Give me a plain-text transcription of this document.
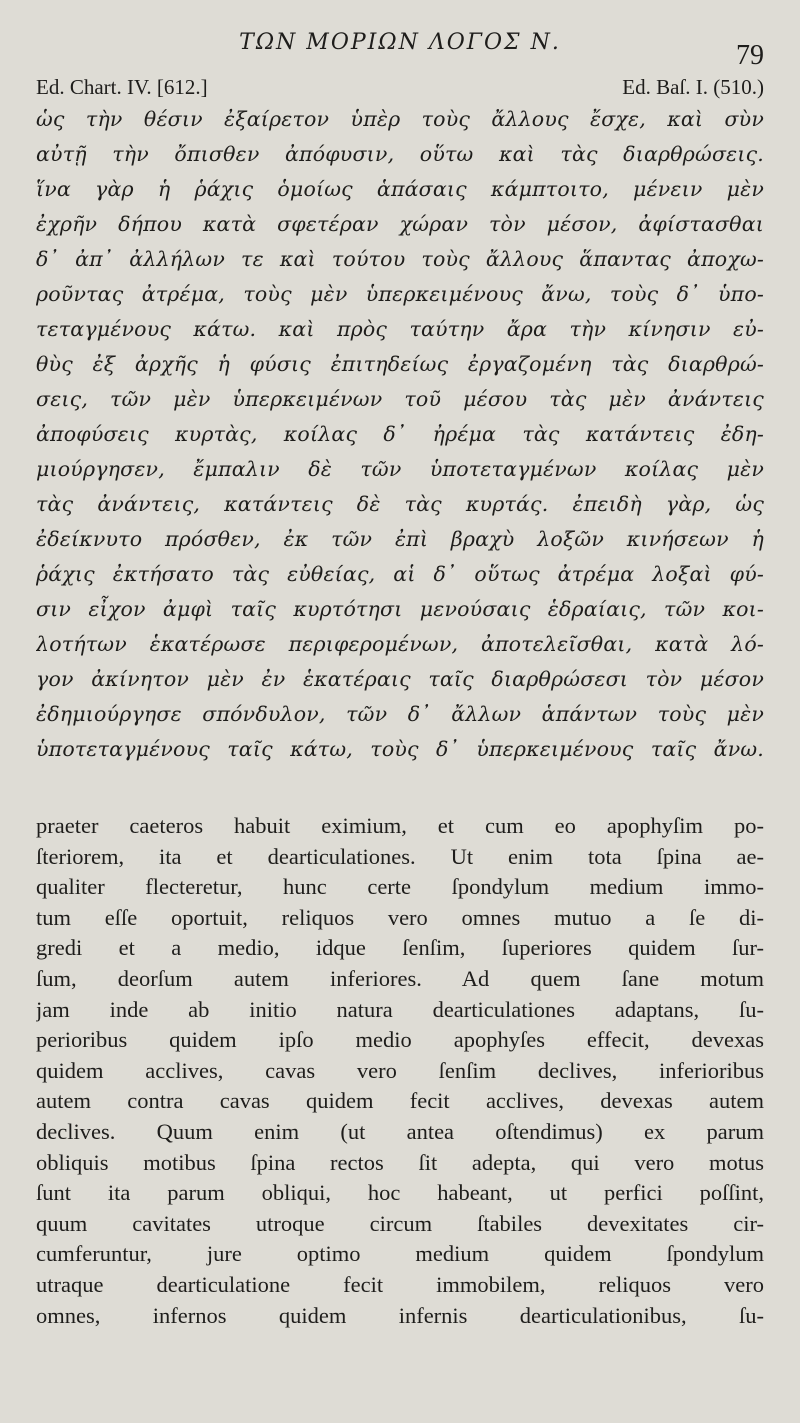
ΤΩΝ ΜΟΡΙΩΝ ΛΟΓΟΣ Ν.	79
Ed. Chart. IV. [612.]	Ed. Baſ. I. (510.)
ὡς τὴν θέσιν ἐξαίρετον ὑπὲρ τοὺς ἄλλους ἔσχε, καὶ σὺν
αὐτῇ τὴν ὄπισθεν ἀπόφυσιν, οὕτω καὶ τὰς διαρθρώσεις.
ἵνα γὰρ ἡ ῥάχις ὁμοίως ἁπάσαις κάμπτοιτο, μένειν μὲν
ἐχρῆν δήπου κατὰ σφετέραν χώραν τὸν μέσον, ἀφίστασθαι
δ᾽ ἀπ᾽ ἀλλήλων τε καὶ τούτου τοὺς ἄλλους ἅπαντας ἀποχω-
ροῦντας ἀτρέμα, τοὺς μὲν ὑπερκειμένους ἄνω, τοὺς δ᾽ ὑπο-
τεταγμένους κάτω. καὶ πρὸς ταύτην ἄρα τὴν κίνησιν εὐ-
θὺς ἐξ ἀρχῆς ἡ φύσις ἐπιτηδείως ἐργαζομένη τὰς διαρθρώ-
σεις, τῶν μὲν ὑπερκειμένων τοῦ μέσου τὰς μὲν ἀνάντεις
ἀποφύσεις κυρτὰς, κοίλας δ᾽ ἠρέμα τὰς κατάντεις ἐδη-
μιούργησεν, ἔμπαλιν δὲ τῶν ὑποτεταγμένων κοίλας μὲν
τὰς ἀνάντεις, κατάντεις δὲ τὰς κυρτάς. ἐπειδὴ γὰρ, ὡς
ἐδείκνυτο πρόσθεν, ἐκ τῶν ἐπὶ βραχὺ λοξῶν κινήσεων ἡ
ῥάχις ἐκτήσατο τὰς εὐθείας, αἱ δ᾽ οὕτως ἀτρέμα λοξαὶ φύ-
σιν εἶχον ἀμφὶ ταῖς κυρτότησι μενούσαις ἑδραίαις, τῶν κοι-
λοτήτων ἑκατέρωσε περιφερομένων, ἀποτελεῖσθαι, κατὰ λό-
γον ἀκίνητον μὲν ἐν ἑκατέραις ταῖς διαρθρώσεσι τὸν μέσον
ἐδημιούργησε σπόνδυλον, τῶν δ᾽ ἄλλων ἁπάντων τοὺς μὲν
ὑποτεταγμένους ταῖς κάτω, τοὺς δ᾽ ὑπερκειμένους ταῖς ἄνω.
praeter caeteros habuit eximium, et cum eo apophyſim po-
ſteriorem, ita et dearticulationes. Ut enim tota ſpina ae-
qualiter flecteretur, hunc certe ſpondylum medium immo-
tum eſſe oportuit, reliquos vero omnes mutuo a ſe di-
gredi et a medio, idque ſenſim, ſuperiores quidem ſur-
ſum, deorſum autem inferiores. Ad quem ſane motum
jam inde ab initio natura dearticulationes adaptans, ſu-
perioribus quidem ipſo medio apophyſes effecit, devexas
quidem acclives, cavas vero ſenſim declives, inferioribus
autem contra cavas quidem fecit acclives, devexas autem
declives. Quum enim (ut antea oſtendimus) ex parum
obliquis motibus ſpina rectos ſit adepta, qui vero motus
ſunt ita parum obliqui, hoc habeant, ut perfici poſſint,
quum cavitates utroque circum ſtabiles devexitates cir-
cumferuntur, jure optimo medium quidem ſpondylum
utraque dearticulatione fecit immobilem, reliquos vero
omnes, infernos quidem infernis dearticulationibus, ſu-
